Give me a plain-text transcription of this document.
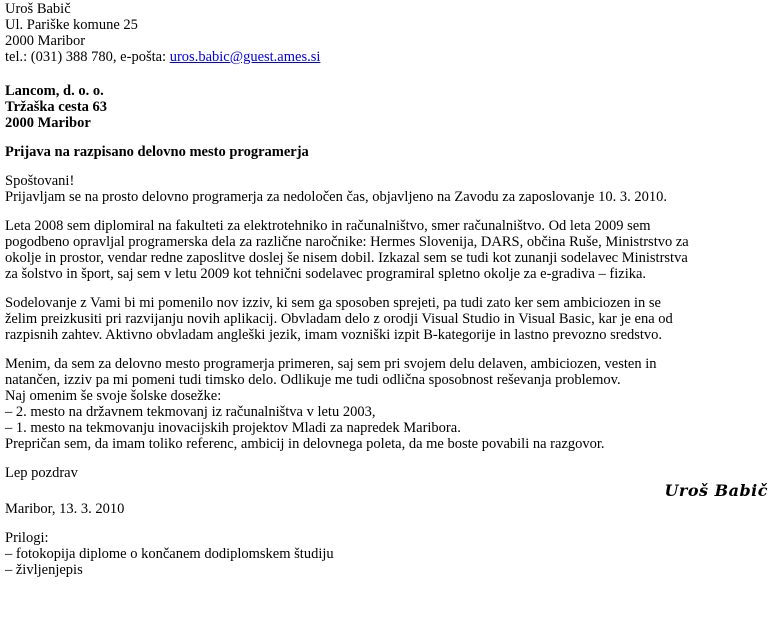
Uroš Babič
Ul. Pariške komune 25
2000 Maribor
tel.: (031) 388 780, e-pošta: uros.babic@guest.ames.si
Lancom, d. o. o.
Tržaška cesta 63
2000 Maribor
Prijava na razpisano delovno mesto programerja
Spoštovani!
Prijavljam se na prosto delovno programerja za nedoločen čas, objavljeno na Zavodu za zaposlovanje 10. 3. 2010.

Leta 2008 sem diplomiral na fakulteti za elektrotehniko in računalništvo, smer računalništvo. Od leta 2009 sem

pogodbeno opravljal programerska dela za različne naročnike: Hermes Slovenija, DARS, občina Ruše, Ministrstvo za

okolje in prostor, vendar redne zaposlitve doslej še nisem dobil. Izkazal sem se tudi kot zunanji sodelavec Ministrstva

za šolstvo in šport, saj sem v letu 2009 kot tehnični sodelavec programiral spletno okolje za e-gradiva – fizika.

Sodelovanje z Vami bi mi pomenilo nov izziv, ki sem ga sposoben sprejeti, pa tudi zato ker sem ambiciozen in se

želim preizkusiti pri razvijanju novih aplikacij. Obvladam delo z orodji Visual Studio in Visual Basic, kar je ena od

razpisnih zahtev. Aktivno obvladam angleški jezik, imam vozniški izpit B-kategorije in lastno prevozno sredstvo.

Menim, da sem za delovno mesto programerja primeren, saj sem pri svojem delu delaven, ambiciozen, vesten in

natančen, izziv pa mi pomeni tudi timsko delo. Odlikuje me tudi odlična sposobnost reševanja problemov.

Naj omenim še svoje šolske dosežke:
– 2. mesto na državnem tekmovanj iz računalništva v letu 2003,
– 1. mesto na tekmovanju inovacijskih projektov Mladi za napredek Maribora.
Prepričan sem, da imam toliko referenc, ambicij in delovnega poleta, da me boste povabili na razgovor.
Lep pozdrav
Uroš Babič
Maribor, 13. 3. 2010
Prilogi:
– fotokopija diplome o končanem dodiplomskem študiju
– življenjepis
